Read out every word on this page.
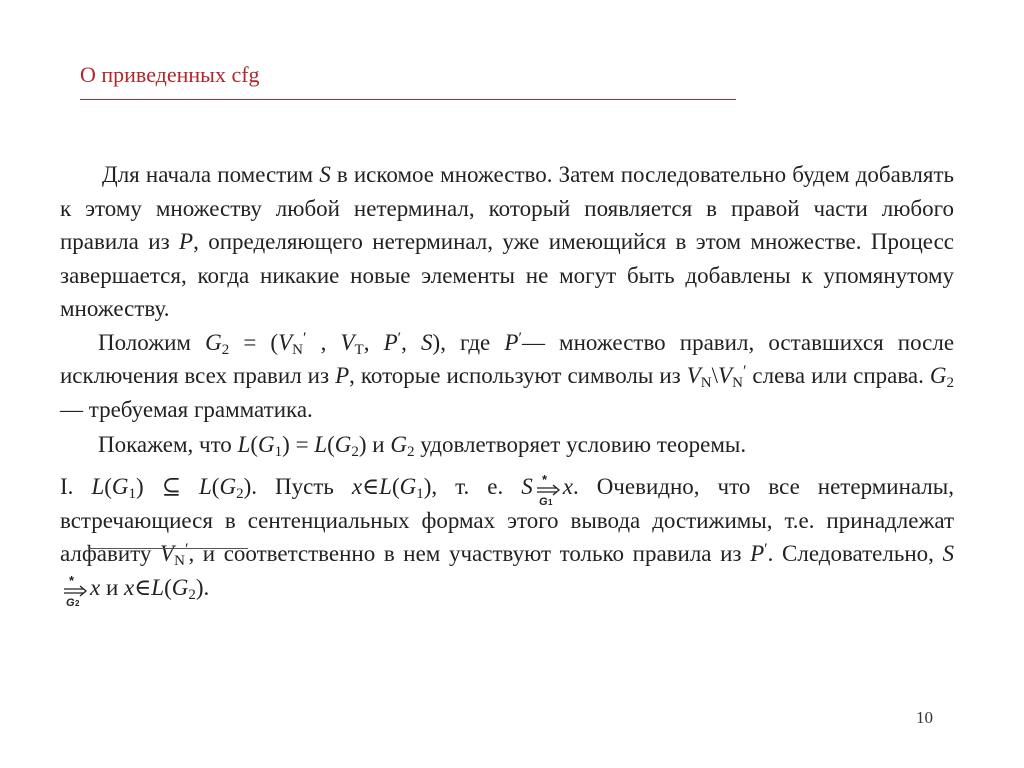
О приведенных cfg

Для начала поместим S в искомое множество. Затем последовательно будем добавлять к этому множеству любой нетерминал, который появляется в правой части любого правила из P, определяющего нетерминал, уже имеющийся в этом множестве. Процесс завершается, когда никакие новые элементы не могут быть добавлены к упомянутому множеству.

Положим $G_2 = (V_N'$ , $V_T$, P′, S), где P′— множество правил, оставшихся после исключения всех правил из P, которые используют символы из $V_N\backslash V_N'$ слева или справа. $G_2$ — требуемая грамматика.

Покажем, что $L(G_1) = L(G_2)$ и $G_2$ удовлетворяет условию теоремы.

I. $L(G_1)$ ⊆ $L(G_2)$. Пусть $x\in L(G_1)$, т. е. S *
G 1
x. Очевидно, что все нетерминалы, встречающиеся в сентенциальных формах этого вывода достижимы, т.е. принадлежат алфавиту $V_N'$, и соответственно в нем участвуют только правила из P′. Следовательно, S
*
G 2
x и $x\in L(G_2)$.

10
